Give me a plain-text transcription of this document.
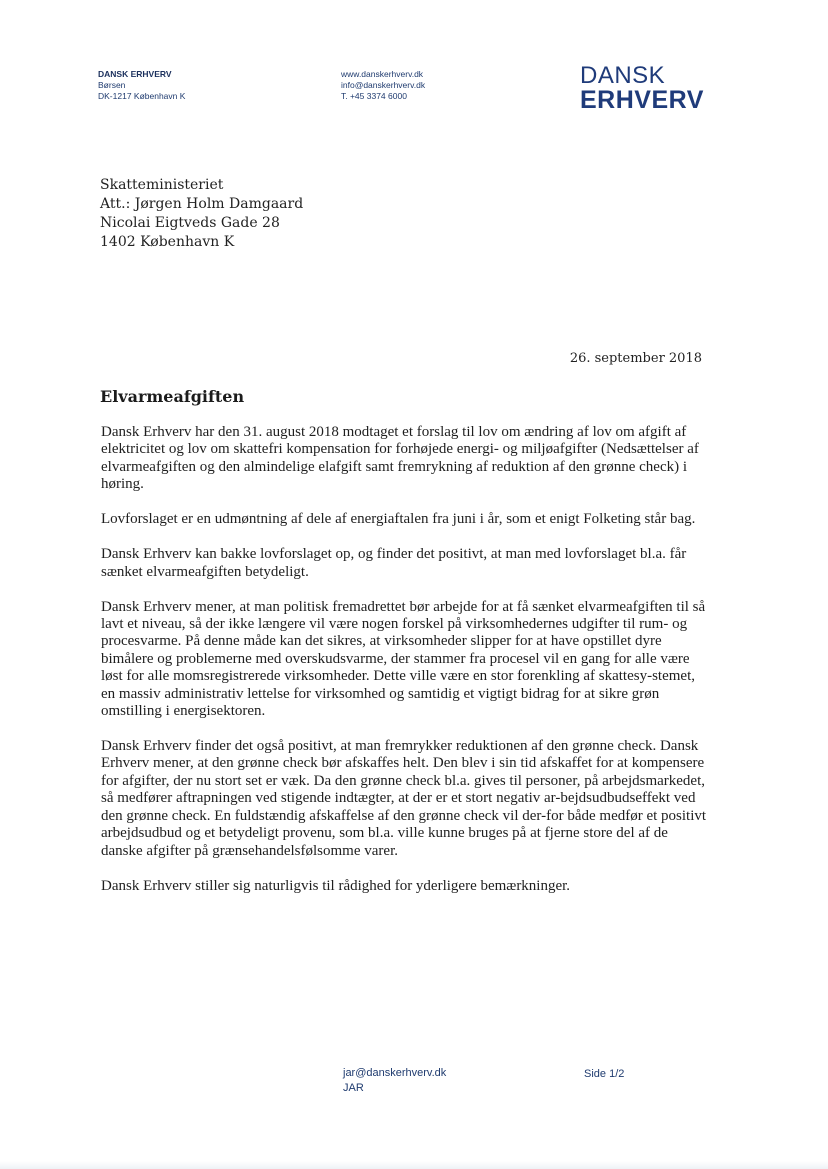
DANSK ERHVERV
Børsen
DK-1217 København K
www.danskerhverv.dk
info@danskerhverv.dk
T. +45 3374 6000
DANSK
ERHVERV
Skatteministeriet
Att.: Jørgen Holm Damgaard
Nicolai Eigtveds Gade 28
1402 København K
26. september 2018
Elvarmeafgiften

Dansk Erhverv har den 31. august 2018 modtaget et forslag til lov om ændring af lov om afgift af elektricitet og lov om skattefri kompensation for forhøjede energi- og miljøafgifter (Nedsættelser af elvarmeafgiften og den almindelige elafgift samt fremrykning af reduktion af den grønne check) i høring.

Lovforslaget er en udmøntning af dele af energiaftalen fra juni i år, som et enigt Folketing står bag.

Dansk Erhverv kan bakke lovforslaget op, og finder det positivt, at man med lovforslaget bl.a. får sænket elvarmeafgiften betydeligt.

Dansk Erhverv mener, at man politisk fremadrettet bør arbejde for at få sænket elvarmeafgiften til så lavt et niveau, så der ikke længere vil være nogen forskel på virksomhedernes udgifter til rum- og procesvarme. På denne måde kan det sikres, at virksomheder slipper for at have opstillet dyre bimålere og problemerne med overskudsvarme, der stammer fra procesel vil en gang for alle være løst for alle momsregistrerede virksomheder. Dette ville være en stor forenkling af skattesy-stemet, en massiv administrativ lettelse for virksomhed og samtidig et vigtigt bidrag for at sikre grøn omstilling i energisektoren.

Dansk Erhverv finder det også positivt, at man fremrykker reduktionen af den grønne check. Dansk Erhverv mener, at den grønne check bør afskaffes helt. Den blev i sin tid afskaffet for at kompensere for afgifter, der nu stort set er væk. Da den grønne check bl.a. gives til personer, på arbejdsmarkedet, så medfører aftrapningen ved stigende indtægter, at der er et stort negativ ar-bejdsudbudseffekt ved den grønne check. En fuldstændig afskaffelse af den grønne check vil der-for både medfør et positivt arbejdsudbud og et betydeligt provenu, som bl.a. ville kunne bruges på at fjerne store del af de danske afgifter på grænsehandelsfølsomme varer.

Dansk Erhverv stiller sig naturligvis til rådighed for yderligere bemærkninger.

jar@danskerhverv.dk
JAR
Side 1/2
